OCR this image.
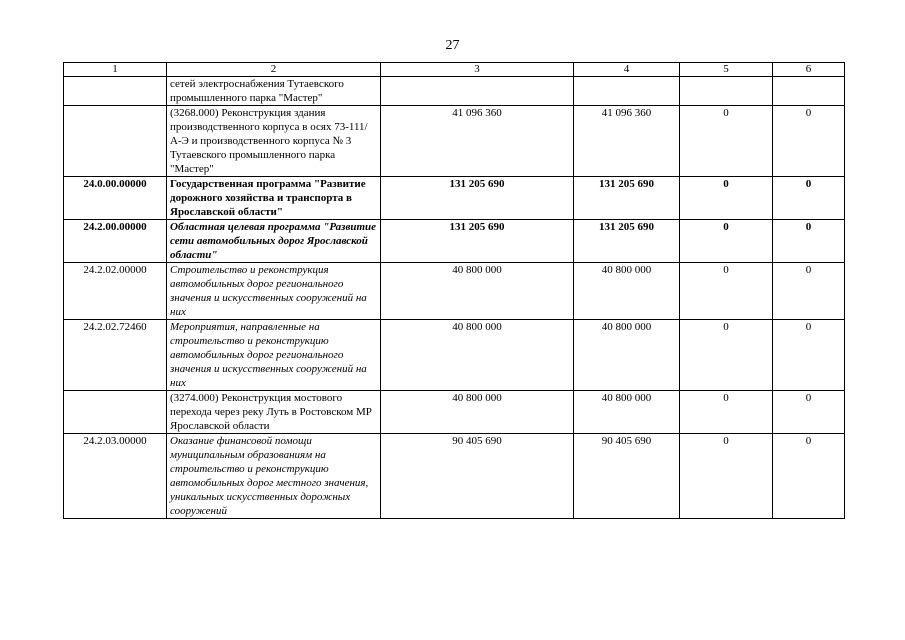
27
1	2	3	4	5	6
	сетей электроснабжения Тутаевского промышленного парка "Мастер"				
	(3268.000) Реконструкция здания производственного корпуса в осях 73-111/А-Э и производственного корпуса № 3 Тутаевского промышленного парка "Мастер"	41 096 360	41 096 360	0	0
24.0.00.00000	Государственная программа "Развитие дорожного хозяйства и транспорта в Ярославской области"	131 205 690	131 205 690	0	0
24.2.00.00000	Областная целевая программа "Развитие сети автомобильных дорог Ярославской области"	131 205 690	131 205 690	0	0
24.2.02.00000	Строительство и реконструкция автомобильных дорог регионального значения и искусственных сооружений на них	40 800 000	40 800 000	0	0
24.2.02.72460	Мероприятия, направленные на строительство и реконструкцию автомобильных дорог регионального значения и искусственных сооружений на них	40 800 000	40 800 000	0	0
	(3274.000) Реконструкция мостового перехода через реку Луть в Ростовском МР Ярославской области	40 800 000	40 800 000	0	0
24.2.03.00000	Оказание финансовой помощи муниципальным образованиям на строительство и реконструкцию автомобильных дорог местного значения, уникальных искусственных дорожных сооружений	90 405 690	90 405 690	0	0
